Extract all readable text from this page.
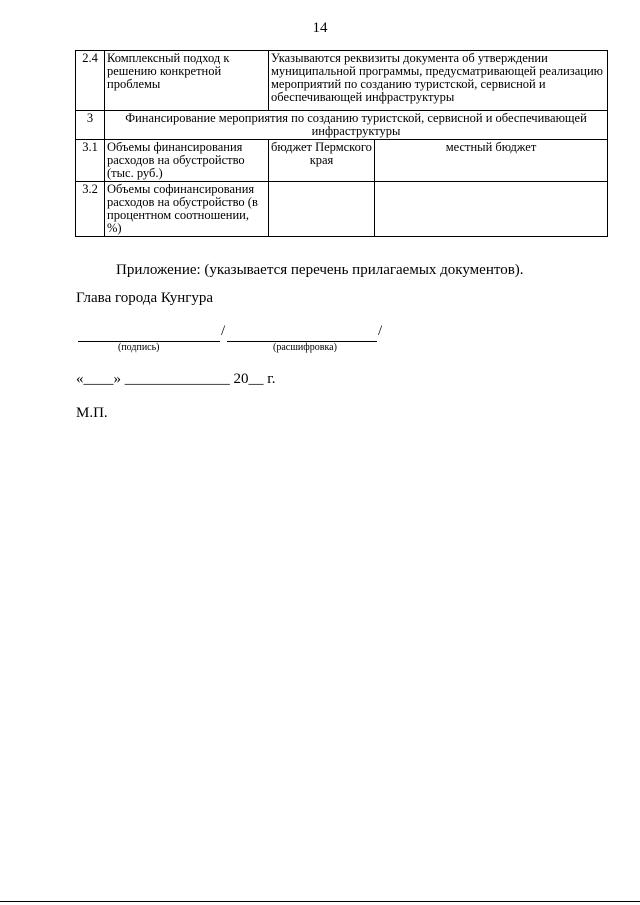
14
2.4	Комплексный подход к решению конкретной проблемы	Указываются реквизиты документа об утверждении муниципальной программы, предусматривающей реализацию мероприятий по созданию туристской, сервисной и обеспечивающей инфраструктуры	
3	Финансирование мероприятия по созданию туристской, сервисной и обеспечивающей инфраструктуры		
3.1	Объемы финансирования расходов на обустройство (тыс. руб.)	бюджет Пермского края	местный бюджет
3.2	Объемы софинансирования расходов на обустройство (в процентном соотношении, %)		
Приложение: (указывается перечень прилагаемых документов).
Глава города Кунгура
/	/
(подпись)	(расшифровка)
«____» ______________ 20__ г.
М.П.
